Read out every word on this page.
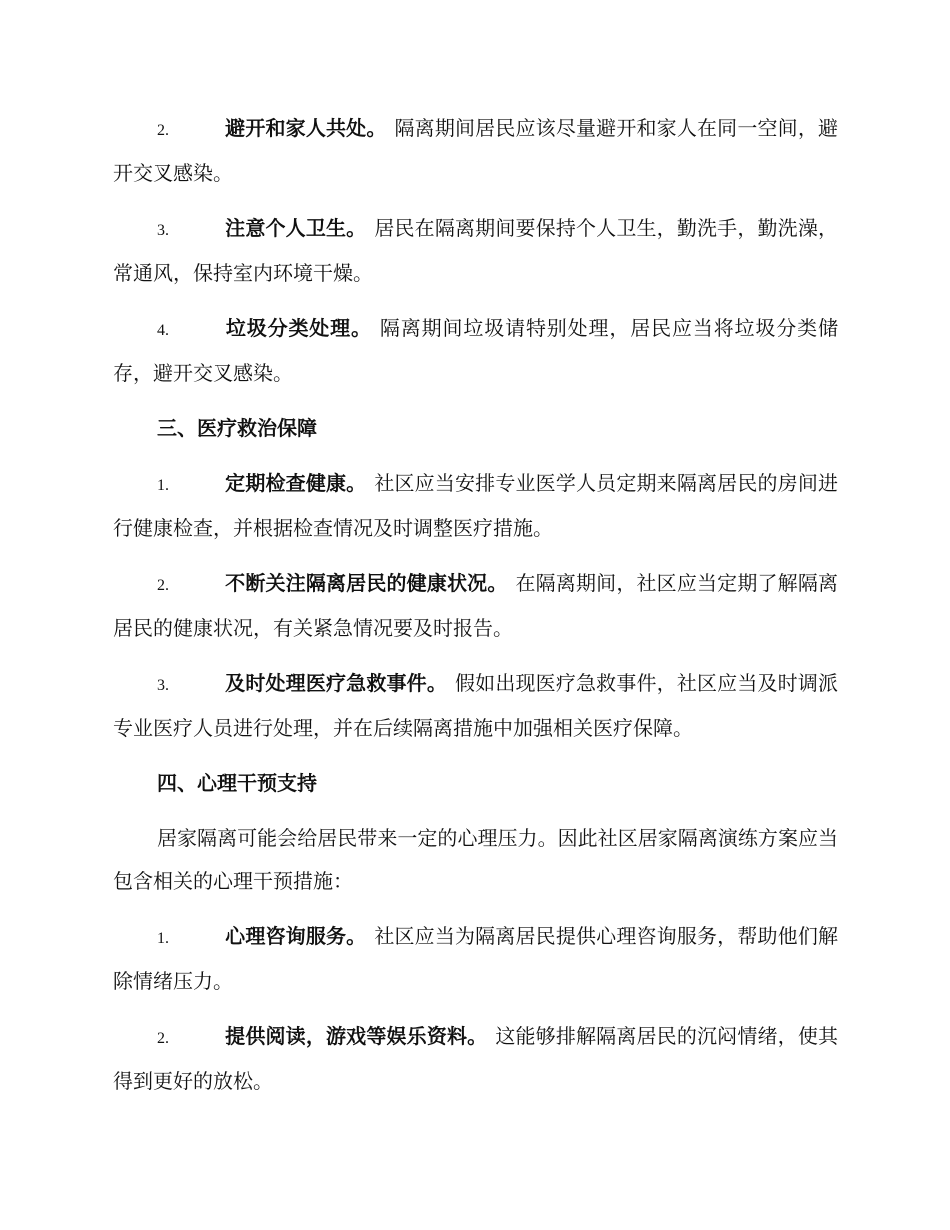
2.	避开和家人共处。 隔离期间居民应该尽量避开和家人在同一空间，避开交叉感染。

3.	注意个人卫生。 居民在隔离期间要保持个人卫生，勤洗手，勤洗澡，常通风，保持室内环境干燥。

4.	垃圾分类处理。 隔离期间垃圾请特别处理，居民应当将垃圾分类储存，避开交叉感染。

三、医疗救治保障

1.	定期检查健康。 社区应当安排专业医学人员定期来隔离居民的房间进行健康检查，并根据检查情况及时调整医疗措施。

2.	不断关注隔离居民的健康状况。 在隔离期间，社区应当定期了解隔离居民的健康状况，有关紧急情况要及时报告。

3.	及时处理医疗急救事件。 假如出现医疗急救事件，社区应当及时调派专业医疗人员进行处理，并在后续隔离措施中加强相关医疗保障。

四、心理干预支持

居家隔离可能会给居民带来一定的心理压力。因此社区居家隔离演练方案应当包含相关的心理干预措施：

1.	心理咨询服务。 社区应当为隔离居民提供心理咨询服务，帮助他们解除情绪压力。

2.	提供阅读，游戏等娱乐资料。 这能够排解隔离居民的沉闷情绪，使其得到更好的放松。
